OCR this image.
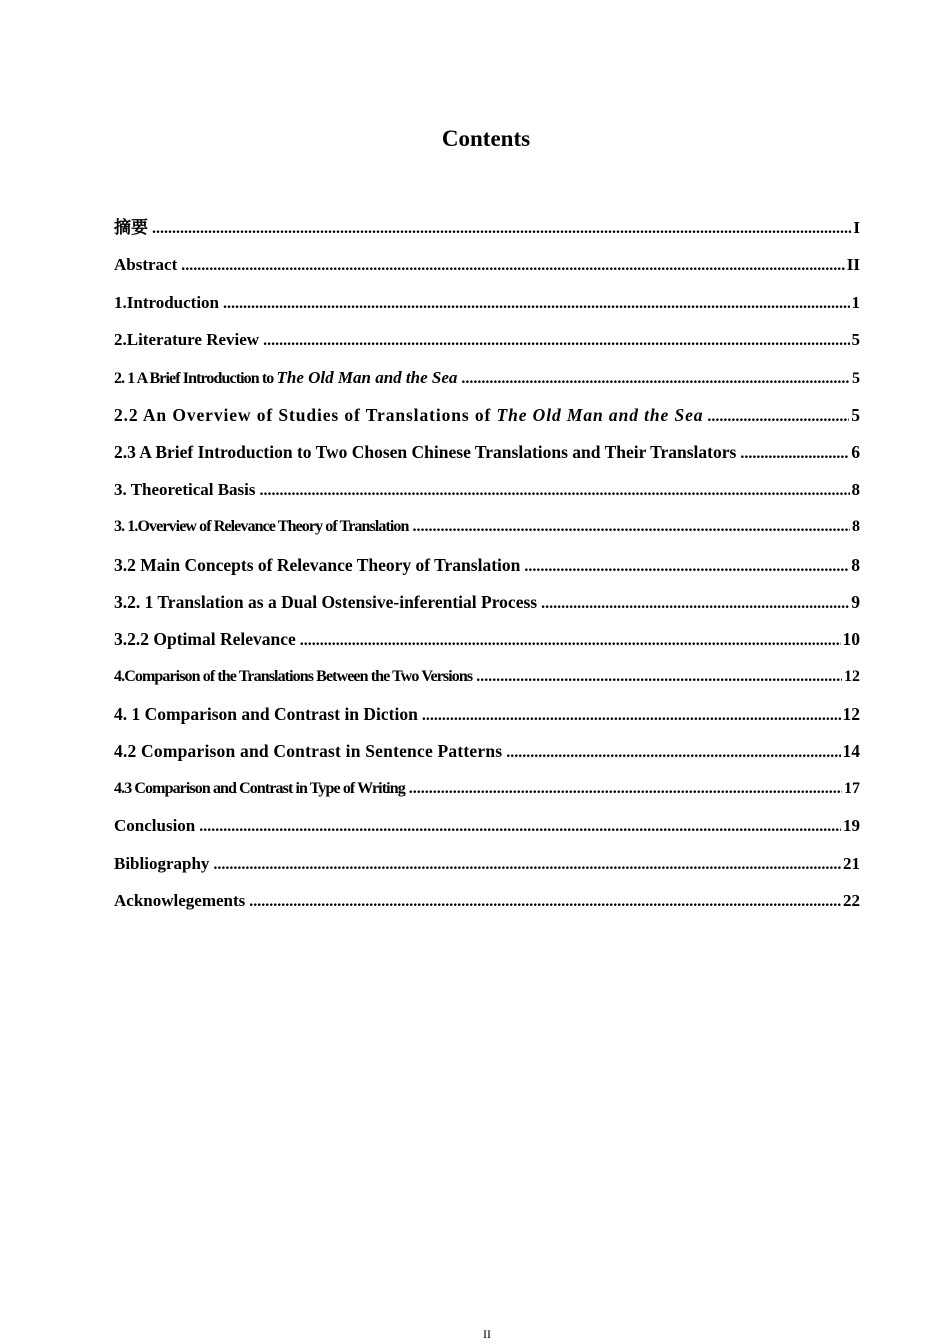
Contents
摘要 .....	I
Abstract .....	II
1.Introduction .....	1
2.Literature Review .....	5
2. 1 A Brief Introduction to The Old Man and the Sea .....	5
2.2 An Overview of Studies of Translations of The Old Man and the Sea .....	5
2.3 A Brief Introduction to Two Chosen Chinese Translations and Their Translators .....	6
3. Theoretical Basis .....	8
3. 1.Overview of Relevance Theory of Translation .....	8
3.2 Main Concepts of Relevance Theory of Translation .....	8
3.2. 1 Translation as a Dual Ostensive-inferential Process .....	9
3.2.2 Optimal Relevance .....	10
4.Comparison of the Translations Between the Two Versions .....	12
4. 1 Comparison and Contrast in Diction .....	12
4.2 Comparison and Contrast in Sentence Patterns .....	14
4.3 Comparison and Contrast in Type of Writing .....	17
Conclusion .....	19
Bibliography .....	21
Acknowlegements .....	22
II
